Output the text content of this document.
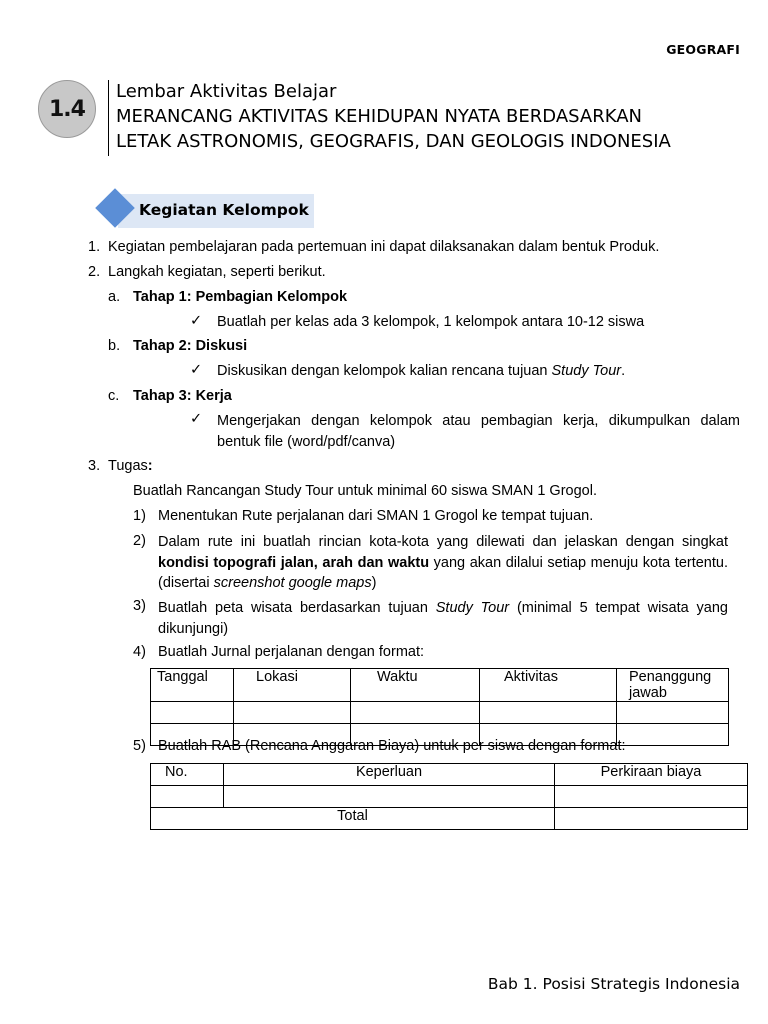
GEOGRAFI
1.4
Lembar Aktivitas Belajar
MERANCANG AKTIVITAS KEHIDUPAN NYATA BERDASARKAN
LETAK ASTRONOMIS, GEOGRAFIS, DAN GEOLOGIS INDONESIA
Kegiatan Kelompok
1. Kegiatan pembelajaran pada pertemuan ini dapat dilaksanakan dalam bentuk Produk.
2. Langkah kegiatan, seperti berikut.
a. Tahap 1: Pembagian Kelompok
✓ Buatlah per kelas ada 3 kelompok, 1 kelompok antara 10-12 siswa
b. Tahap 2: Diskusi
✓ Diskusikan dengan kelompok kalian rencana tujuan Study Tour.
c. Tahap 3: Kerja
✓ Mengerjakan dengan kelompok atau pembagian kerja, dikumpulkan dalam bentuk file (word/pdf/canva)
3. Tugas:
Buatlah Rancangan Study Tour untuk minimal 60 siswa SMAN 1 Grogol.
1) Menentukan Rute perjalanan dari SMAN 1 Grogol ke tempat tujuan.
2) Dalam rute ini buatlah rincian kota-kota yang dilewati dan jelaskan dengan singkat kondisi topografi jalan, arah dan waktu yang akan dilalui setiap menuju kota tertentu. (disertai screenshot google maps)
3) Buatlah peta wisata berdasarkan tujuan Study Tour (minimal 5 tempat wisata yang dikunjungi)
4) Buatlah Jurnal perjalanan dengan format:
Tanggal	Lokasi	Waktu	Aktivitas	Penanggung jawab

5) Buatlah RAB (Rencana Anggaran Biaya) untuk per siswa dengan format:
No.	Keperluan	Perkiraan biaya

Total		
Bab 1. Posisi Strategis Indonesia
